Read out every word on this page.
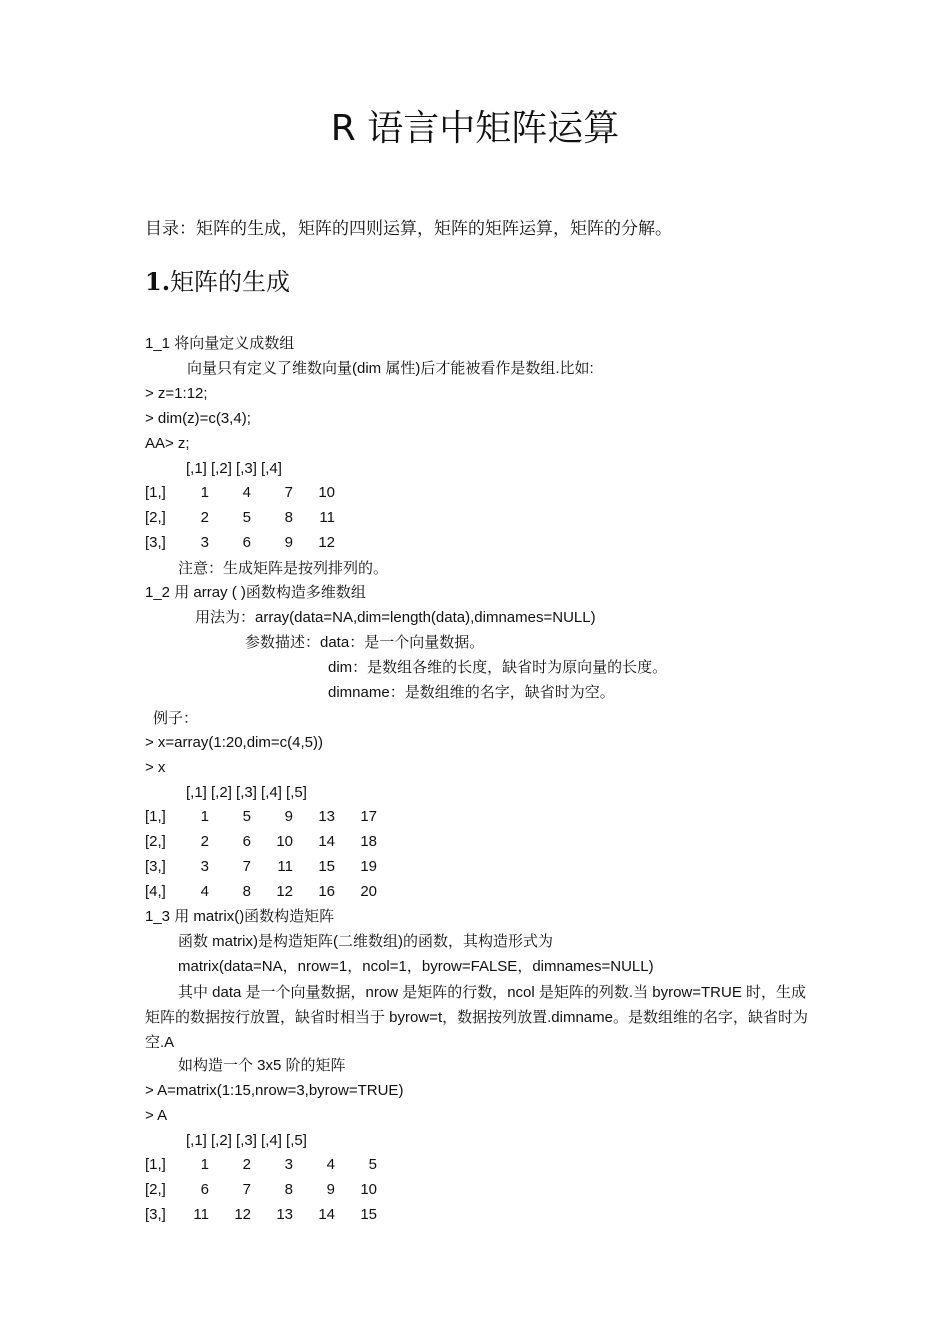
R 语言中矩阵运算
目录：矩阵的生成，矩阵的四则运算，矩阵的矩阵运算，矩阵的分解。
1.矩阵的生成
1_1 将向量定义成数组
向量只有定义了维数向量(dim 属性)后才能被看作是数组.比如:
> z=1:12;
> dim(z)=c(3,4);
AA> z;
[,1] [,2] [,3] [,4]
[1,]	1	4	7	10
[2,]	2	5	8	11
[3,]	3	6	9	12
注意：生成矩阵是按列排列的。
1_2 用 array ( )函数构造多维数组
用法为：array(data=NA,dim=length(data),dimnames=NULL)
参数描述：data：是一个向量数据。
dim：是数组各维的长度，缺省时为原向量的长度。
dimname：是数组维的名字，缺省时为空。
例子：
> x=array(1:20,dim=c(4,5))
> x
[,1] [,2] [,3] [,4] [,5]
[1,]	1	5	9	13	17
[2,]	2	6	10	14	18
[3,]	3	7	11	15	19
[4,]	4	8	12	16	20
1_3 用 matrix()函数构造矩阵
函数 matrix)是构造矩阵(二维数组)的函数，其构造形式为
matrix(data=NA，nrow=1，ncol=1，byrow=FALSE，dimnames=NULL)
其中 data 是一个向量数据，nrow 是矩阵的行数，ncol 是矩阵的列数.当 byrow=TRUE 时，生成矩阵的数据按行放置，缺省时相当于 byrow=t，数据按列放置.dimname。是数组维的名字，缺省时为空.A
如构造一个 3x5 阶的矩阵
> A=matrix(1:15,nrow=3,byrow=TRUE)
> A
[,1] [,2] [,3] [,4] [,5]
[1,]	1	2	3	4	5
[2,]	6	7	8	9	10
[3,]	11	12	13	14	15
